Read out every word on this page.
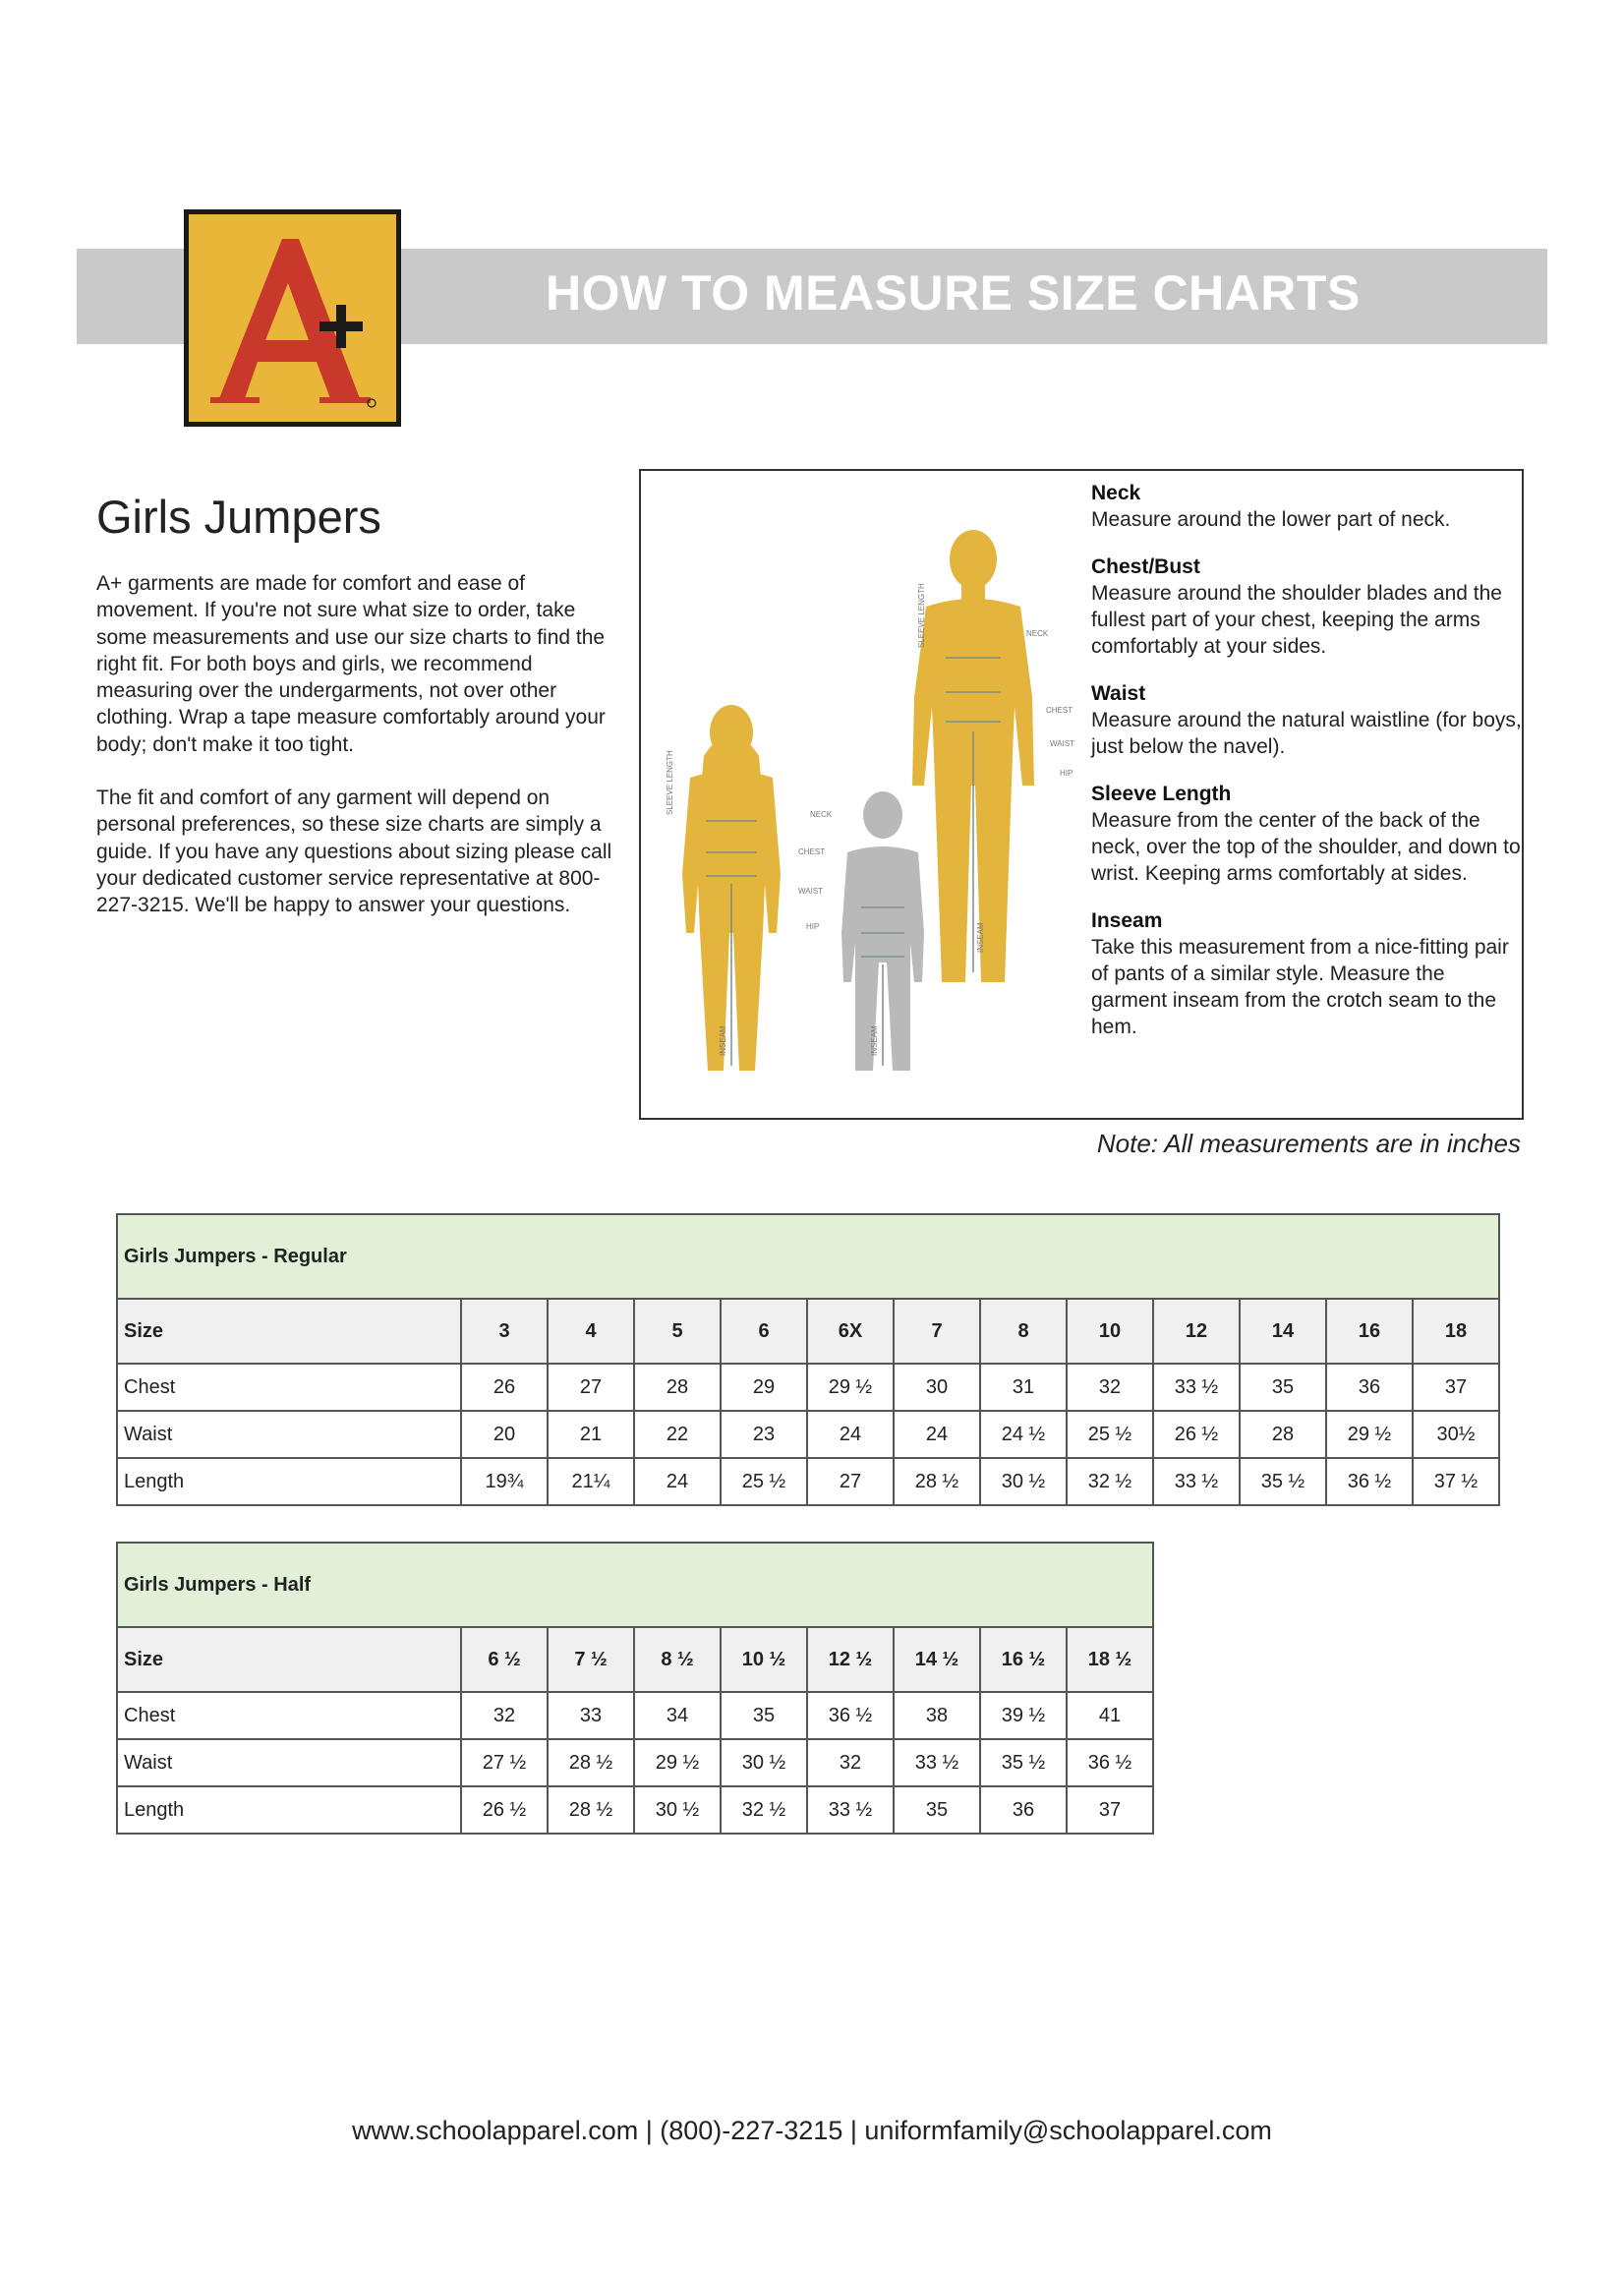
HOW TO MEASURE SIZE CHARTS
Girls Jumpers

A+ garments are made for comfort and ease of movement. If you're not sure what size to order, take some measurements and use our size charts to find the right fit. For both boys and girls, we recommend measuring over the undergarments, not over other clothing. Wrap a tape measure comfortably around your body; don't make it too tight.

The fit and comfort of any garment will depend on personal preferences, so these size charts are simply a guide. If you have any questions about sizing please call your dedicated customer service representative at 800-227-3215. We'll be happy to answer your questions.

NECK
CHEST
WAIST
HIP
NECK
CHEST
WAIST
HIP
SLEEVE LENGTH
SLEEVE LENGTH
INSEAM
INSEAM	INSEAM
Neck
Measure around the lower part of neck.
Chest/Bust
Measure around the shoulder blades and the fullest part of your chest, keeping the arms comfortably at your sides.
Waist
Measure around the natural waistline (for boys, just below the navel).
Sleeve Length
Measure from the center of the back of the neck, over the top of the shoulder, and down to wrist. Keeping arms comfortably at sides.
Inseam
Take this measurement from a nice-fitting pair of pants of a similar style. Measure the garment inseam from the crotch seam to the hem.
Note: All measurements are in inches
Girls Jumpers - Regular												
Size	3	4	5	6	6X	7	8	10	12	14	16	18
Chest	26	27	28	29	29 ½	30	31	32	33 ½	35	36	37
Waist	20	21	22	23	24	24	24 ½	25 ½	26 ½	28	29 ½	30½
Length	19¾	21¼	24	25 ½	27	28 ½	30 ½	32 ½	33 ½	35 ½	36 ½	37 ½
Girls Jumpers - Half								
Size	6 ½	7 ½	8 ½	10 ½	12 ½	14 ½	16 ½	18 ½
Chest	32	33	34	35	36 ½	38	39 ½	41
Waist	27 ½	28 ½	29 ½	30 ½	32	33 ½	35 ½	36 ½
Length	26 ½	28 ½	30 ½	32 ½	33 ½	35	36	37
www.schoolapparel.com | (800)-227-3215 | uniformfamily@schoolapparel.com
